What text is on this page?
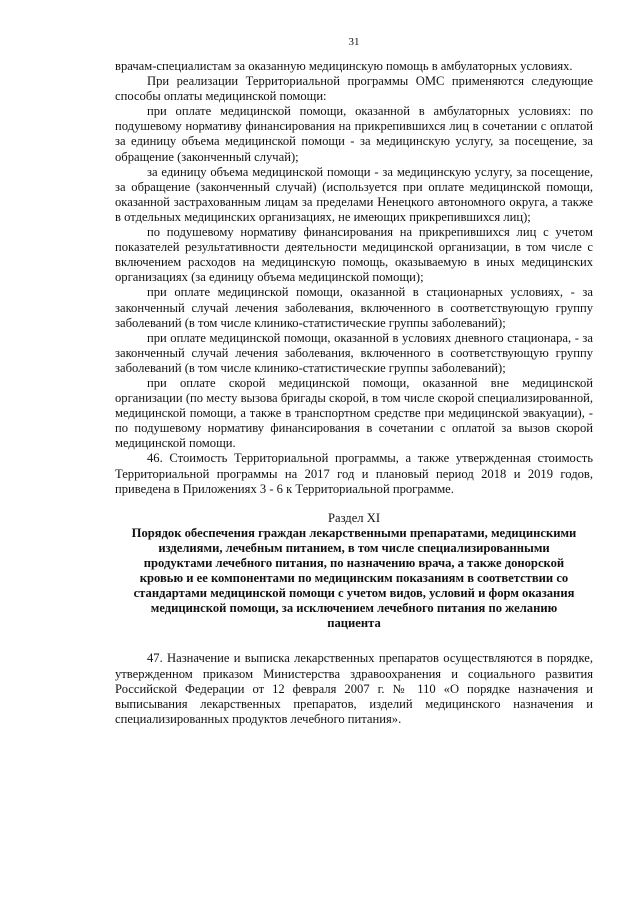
31

врачам-специалистам за оказанную медицинскую помощь в амбулаторных условиях.

При реализации Территориальной программы ОМС применяются следующие способы оплаты медицинской помощи:

при оплате медицинской помощи, оказанной в амбулаторных условиях: по подушевому нормативу финансирования на прикрепившихся лиц в сочетании с оплатой за единицу объема медицинской помощи - за медицинскую услугу, за посещение, за обращение (законченный случай);

за единицу объема медицинской помощи - за медицинскую услугу, за посещение, за обращение (законченный случай) (используется при оплате медицинской помощи, оказанной застрахованным лицам за пределами Ненецкого автономного округа, а также в отдельных медицинских организациях, не имеющих прикрепившихся лиц);

по подушевому нормативу финансирования на прикрепившихся лиц с учетом показателей результативности деятельности медицинской организации, в том числе с включением расходов на медицинскую помощь, оказываемую в иных медицинских организациях (за единицу объема медицинской помощи);

при оплате медицинской помощи, оказанной в стационарных условиях, - за законченный случай лечения заболевания, включенного в соответствующую группу заболеваний (в том числе клинико-статистические группы заболеваний);

при оплате медицинской помощи, оказанной в условиях дневного стационара, - за законченный случай лечения заболевания, включенного в соответствующую группу заболеваний (в том числе клинико-статистические группы заболеваний);

при оплате скорой медицинской помощи, оказанной вне медицинской организации (по месту вызова бригады скорой, в том числе скорой специализированной, медицинской помощи, а также в транспортном средстве при медицинской эвакуации), - по подушевому нормативу финансирования в сочетании с оплатой за вызов скорой медицинской помощи.

46. Стоимость Территориальной программы, а также утвержденная стоимость Территориальной программы на 2017 год и плановый период 2018 и 2019 годов, приведена в Приложениях 3 - 6 к Территориальной программе.

Раздел XI
Порядок обеспечения граждан лекарственными препаратами, медицинскими изделиями, лечебным питанием, в том числе специализированными продуктами лечебного питания, по назначению врача, а также донорской кровью и ее компонентами по медицинским показаниям в соответствии со стандартами медицинской помощи с учетом видов, условий и форм оказания медицинской помощи, за исключением лечебного питания по желанию пациента

47. Назначение и выписка лекарственных препаратов осуществляются в порядке, утвержденном приказом Министерства здравоохранения и социального развития Российской Федерации от 12 февраля 2007 г. № 110 «О порядке назначения и выписывания лекарственных препаратов, изделий медицинского назначения и специализированных продуктов лечебного питания».
